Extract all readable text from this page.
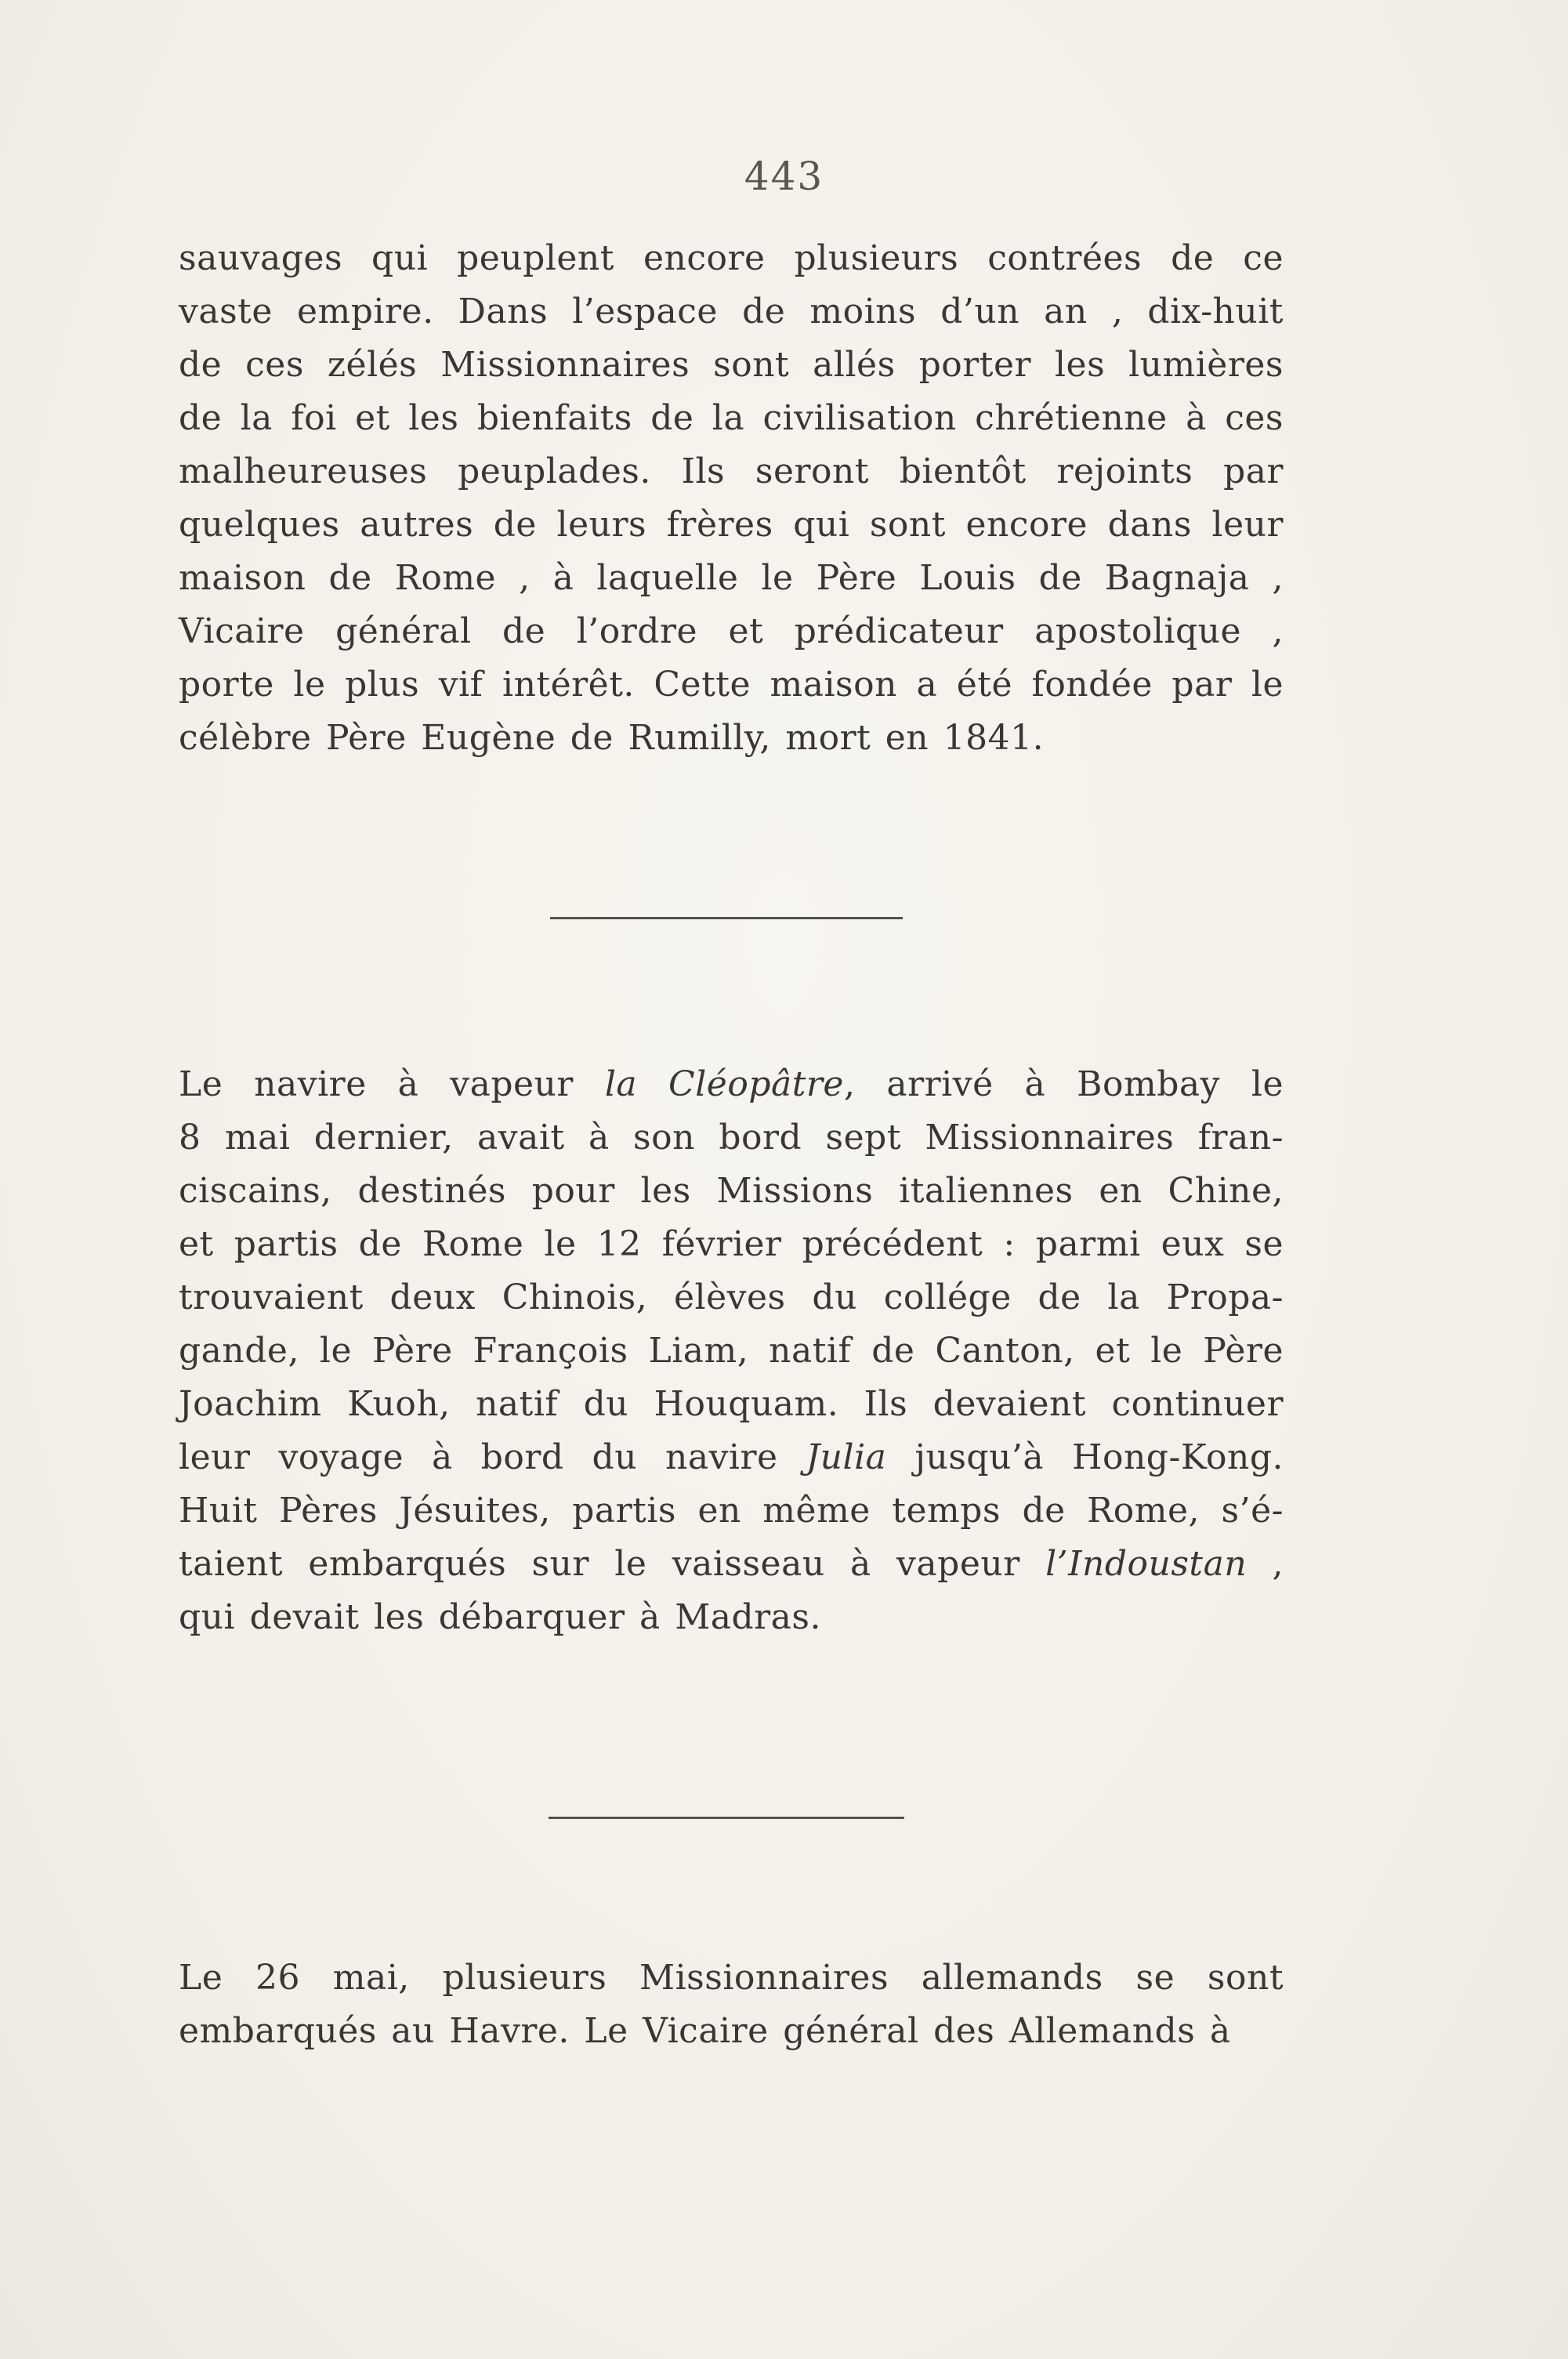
443
sauvages qui peuplent encore plusieurs contrées de ce
vaste empire. Dans l’espace de moins d’un an , dix-huit
de ces zélés Missionnaires sont allés porter les lumières
de la foi et les bienfaits de la civilisation chrétienne à ces
malheureuses peuplades. Ils seront bientôt rejoints par
quelques autres de leurs frères qui sont encore dans leur
maison de Rome , à laquelle le Père Louis de Bagnaja ,
Vicaire général de l’ordre et prédicateur apostolique ,
porte le plus vif intérêt. Cette maison a été fondée par le
célèbre Père Eugène de Rumilly, mort en 1841.
Le navire à vapeur la Cléopâtre, arrivé à Bombay le
8 mai dernier, avait à son bord sept Missionnaires fran-
ciscains, destinés pour les Missions italiennes en Chine,
et partis de Rome le 12 février précédent : parmi eux se
trouvaient deux Chinois, élèves du collége de la Propa-
gande, le Père François Liam, natif de Canton, et le Père
Joachim Kuoh, natif du Houquam. Ils devaient continuer
leur voyage à bord du navire Julia jusqu’à Hong-Kong.
Huit Pères Jésuites, partis en même temps de Rome, s’é-
taient embarqués sur le vaisseau à vapeur l’Indoustan ,
qui devait les débarquer à Madras.
Le 26 mai, plusieurs Missionnaires allemands se sont
embarqués au Havre. Le Vicaire général des Allemands à
